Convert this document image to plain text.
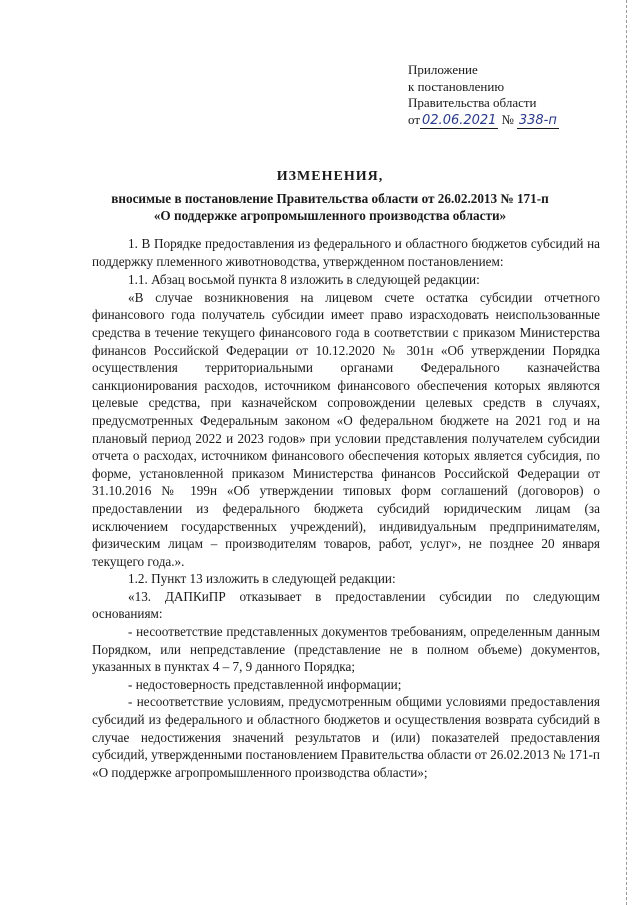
Приложение
к постановлению
Правительства области
от 02.06.2021 № 338-п
ИЗМЕНЕНИЯ,
вносимые в постановление Правительства области от 26.02.2013 № 171-п
«О поддержке агропромышленного производства области»

1. В Порядке предоставления из федерального и областного бюджетов субсидий на поддержку племенного животноводства, утвержденном постановлением:

1.1. Абзац восьмой пункта 8 изложить в следующей редакции:

«В случае возникновения на лицевом счете остатка субсидии отчетного финансового года получатель субсидии имеет право израсходовать неиспользованные средства в течение текущего финансового года в соответствии с приказом Министерства финансов Российской Федерации от 10.12.2020 № 301н «Об утверждении Порядка осуществления территориальными органами Федерального казначейства санкционирования расходов, источником финансового обеспечения которых являются целевые средства, при казначейском сопровождении целевых средств в случаях, предусмотренных Федеральным законом «О федеральном бюджете на 2021 год и на плановый период 2022 и 2023 годов» при условии представления получателем субсидии отчета о расходах, источником финансового обеспечения которых является субсидия, по форме, установленной приказом Министерства финансов Российской Федерации от 31.10.2016 № 199н «Об утверждении типовых форм соглашений (договоров) о предоставлении из федерального бюджета субсидий юридическим лицам (за исключением государственных учреждений), индивидуальным предпринимателям, физическим лицам – производителям товаров, работ, услуг», не позднее 20 января текущего года.».

1.2. Пункт 13 изложить в следующей редакции:

«13. ДАПКиПР отказывает в предоставлении субсидии по следующим основаниям:

- несоответствие представленных документов требованиям, определенным данным Порядком, или непредставление (представление не в полном объеме) документов, указанных в пунктах 4 – 7, 9 данного Порядка;

- недостоверность представленной информации;

- несоответствие условиям, предусмотренным общими условиями предоставления субсидий из федерального и областного бюджетов и осуществления возврата субсидий в случае недостижения значений результатов и (или) показателей предоставления субсидий, утвержденными постановлением Правительства области от 26.02.2013 № 171-п «О поддержке агропромышленного производства области»;
